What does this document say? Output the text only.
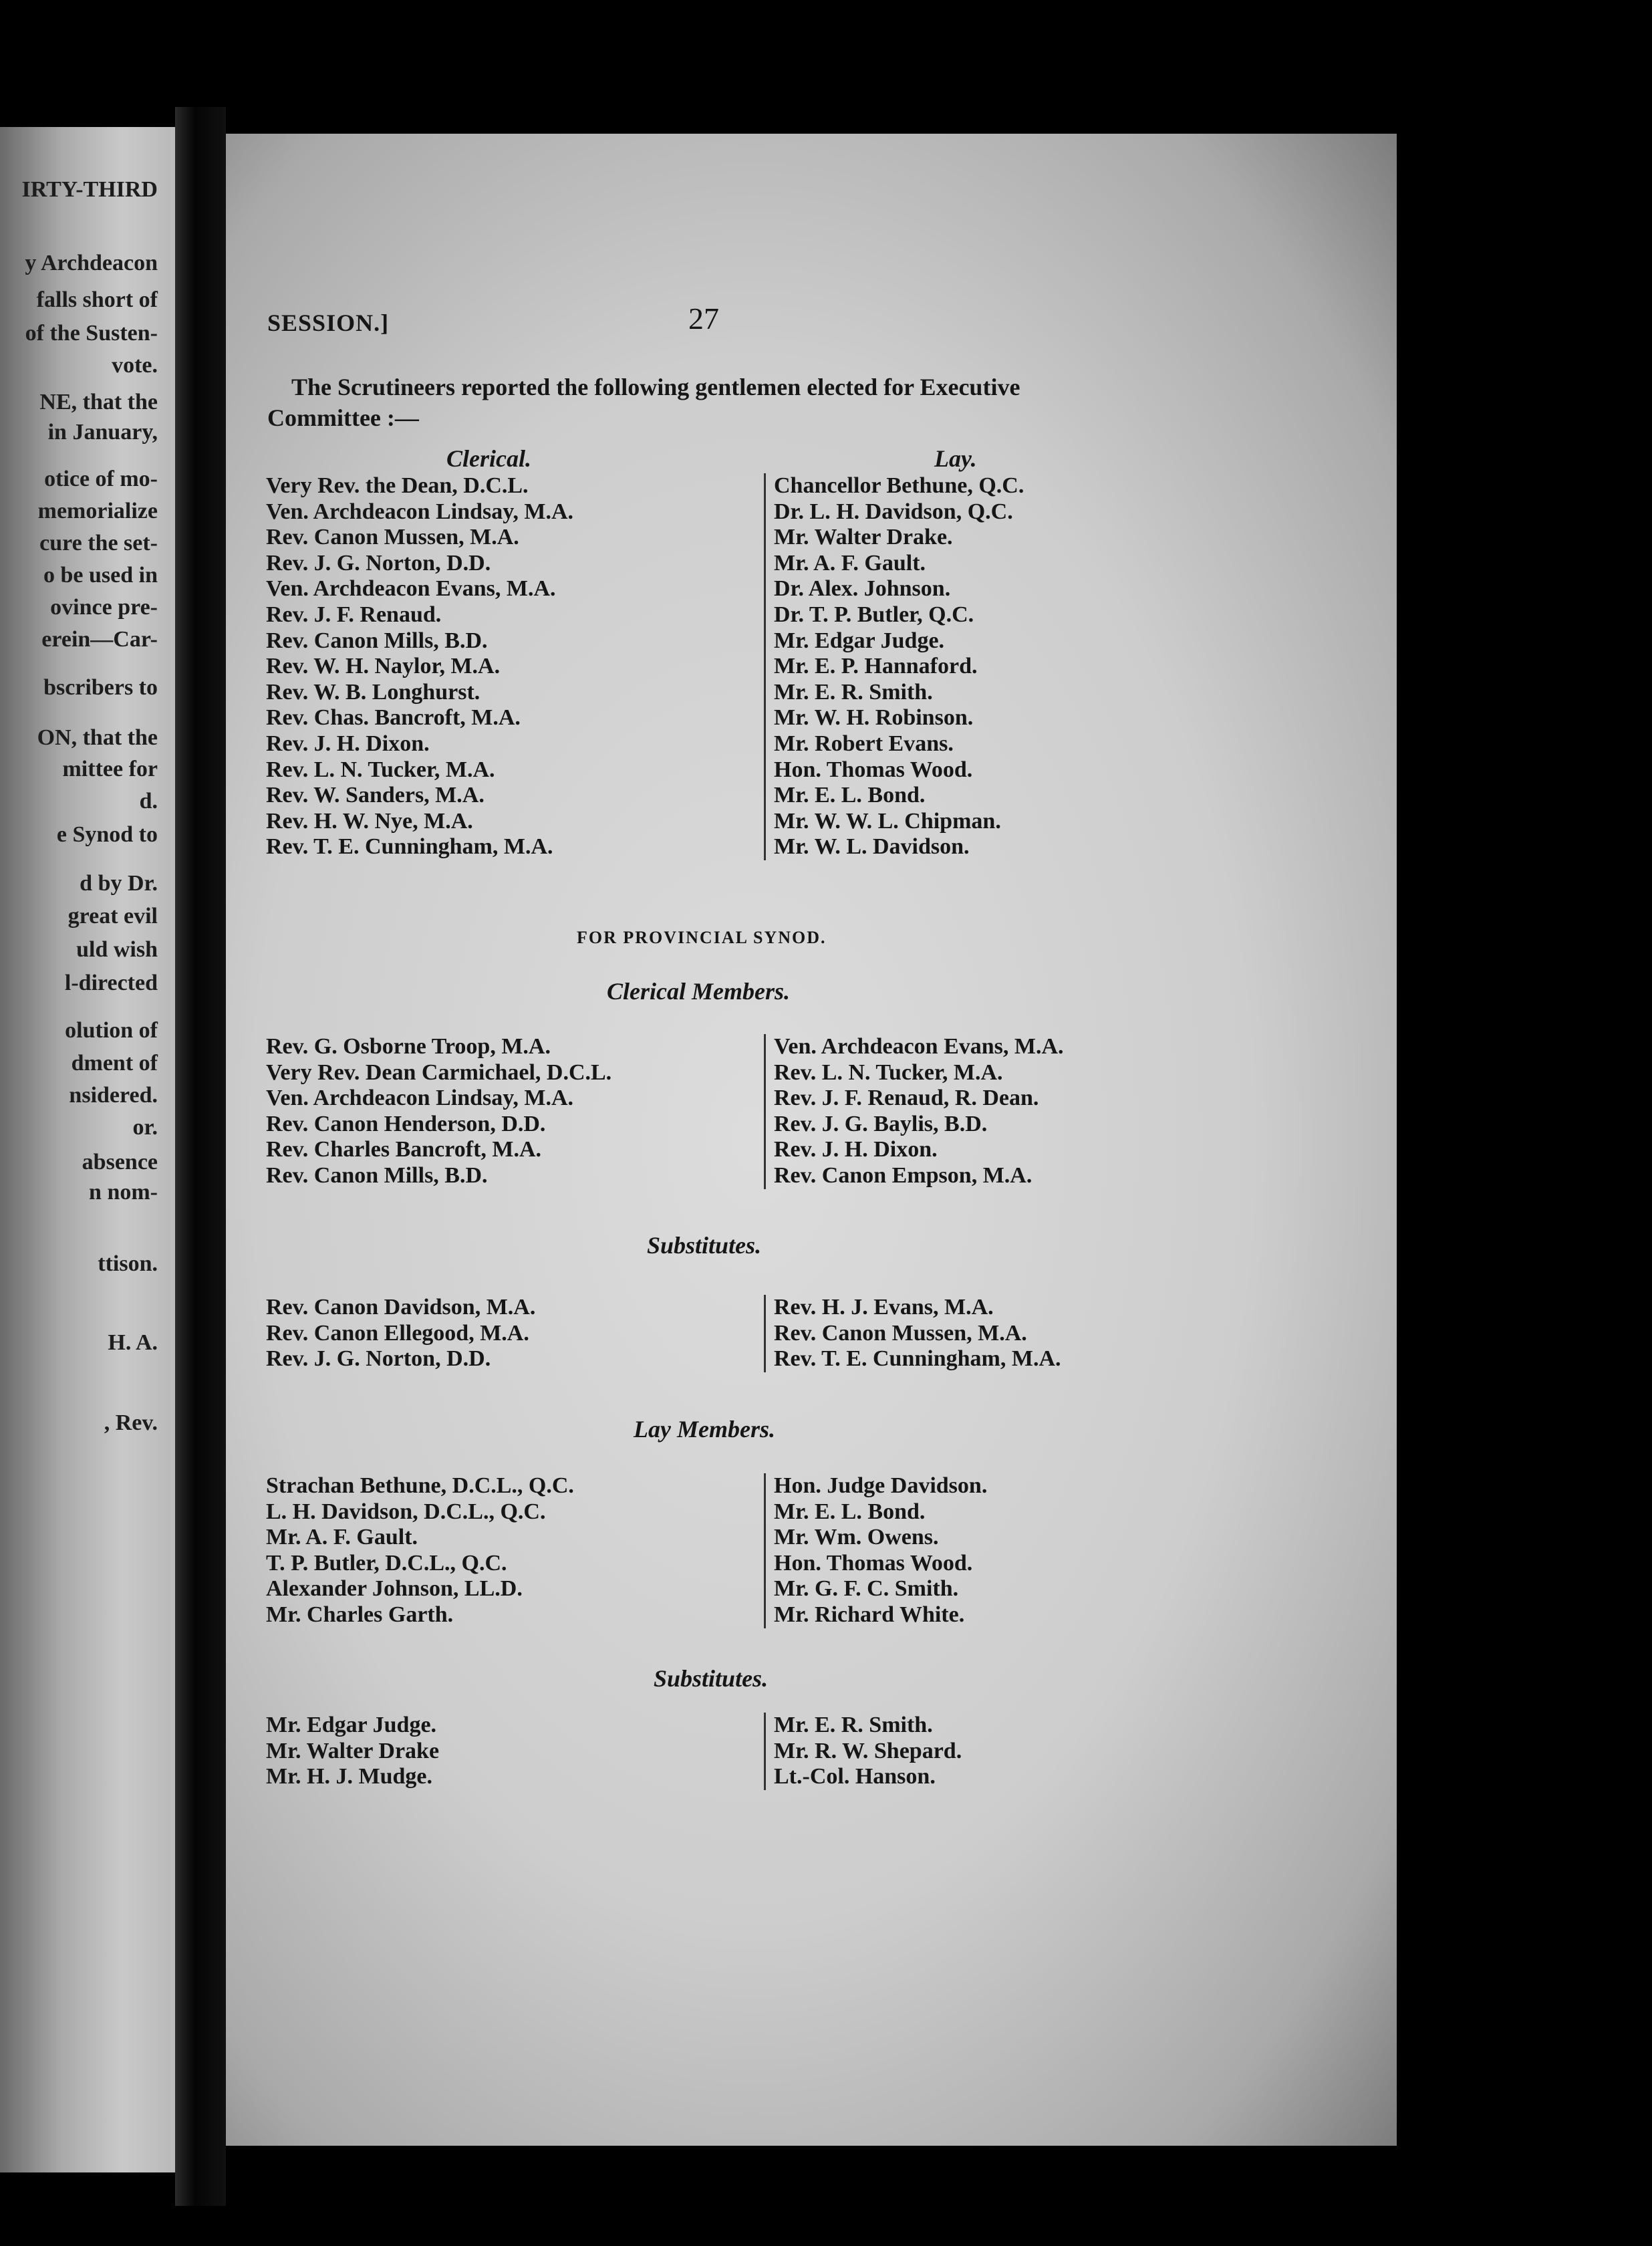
IRTY-THIRD
y Archdeacon
falls short of
of the Susten-
vote.
NE, that the
in January,
otice of mo-
memorialize
cure the set-
o be used in
ovince pre-
erein—Car-
bscribers to
ON, that the
mittee for
d.
e Synod to
d by Dr.
great evil
uld wish
l-directed
olution of
dment of
nsidered.
or.
absence
n nom-
ttison.
H. A.
, Rev.
SESSION.]	27
The Scrutineers reported the following gentlemen elected for Executive
Committee :—
Clerical.	Lay.
Very Rev. the Dean, D.C.L.
Ven. Archdeacon Lindsay, M.A.
Rev. Canon Mussen, M.A.
Rev. J. G. Norton, D.D.
Ven. Archdeacon Evans, M.A.
Rev. J. F. Renaud.
Rev. Canon Mills, B.D.
Rev. W. H. Naylor, M.A.
Rev. W. B. Longhurst.
Rev. Chas. Bancroft, M.A.
Rev. J. H. Dixon.
Rev. L. N. Tucker, M.A.
Rev. W. Sanders, M.A.
Rev. H. W. Nye, M.A.
Rev. T. E. Cunningham, M.A.
Chancellor Bethune, Q.C.
Dr. L. H. Davidson, Q.C.
Mr. Walter Drake.
Mr. A. F. Gault.
Dr. Alex. Johnson.
Dr. T. P. Butler, Q.C.
Mr. Edgar Judge.
Mr. E. P. Hannaford.
Mr. E. R. Smith.
Mr. W. H. Robinson.
Mr. Robert Evans.
Hon. Thomas Wood.
Mr. E. L. Bond.
Mr. W. W. L. Chipman.
Mr. W. L. Davidson.
FOR PROVINCIAL SYNOD.
Clerical Members.
Rev. G. Osborne Troop, M.A.
Very Rev. Dean Carmichael, D.C.L.
Ven. Archdeacon Lindsay, M.A.
Rev. Canon Henderson, D.D.
Rev. Charles Bancroft, M.A.
Rev. Canon Mills, B.D.
Ven. Archdeacon Evans, M.A.
Rev. L. N. Tucker, M.A.
Rev. J. F. Renaud, R. Dean.
Rev. J. G. Baylis, B.D.
Rev. J. H. Dixon.
Rev. Canon Empson, M.A.
Substitutes.
Rev. Canon Davidson, M.A.
Rev. Canon Ellegood, M.A.
Rev. J. G. Norton, D.D.
Rev. H. J. Evans, M.A.
Rev. Canon Mussen, M.A.
Rev. T. E. Cunningham, M.A.
Lay Members.
Strachan Bethune, D.C.L., Q.C.
L. H. Davidson, D.C.L., Q.C.
Mr. A. F. Gault.
T. P. Butler, D.C.L., Q.C.
Alexander Johnson, LL.D.
Mr. Charles Garth.
Hon. Judge Davidson.
Mr. E. L. Bond.
Mr. Wm. Owens.
Hon. Thomas Wood.
Mr. G. F. C. Smith.
Mr. Richard White.
Substitutes.
Mr. Edgar Judge.
Mr. Walter Drake
Mr. H. J. Mudge.
Mr. E. R. Smith.
Mr. R. W. Shepard.
Lt.-Col. Hanson.
